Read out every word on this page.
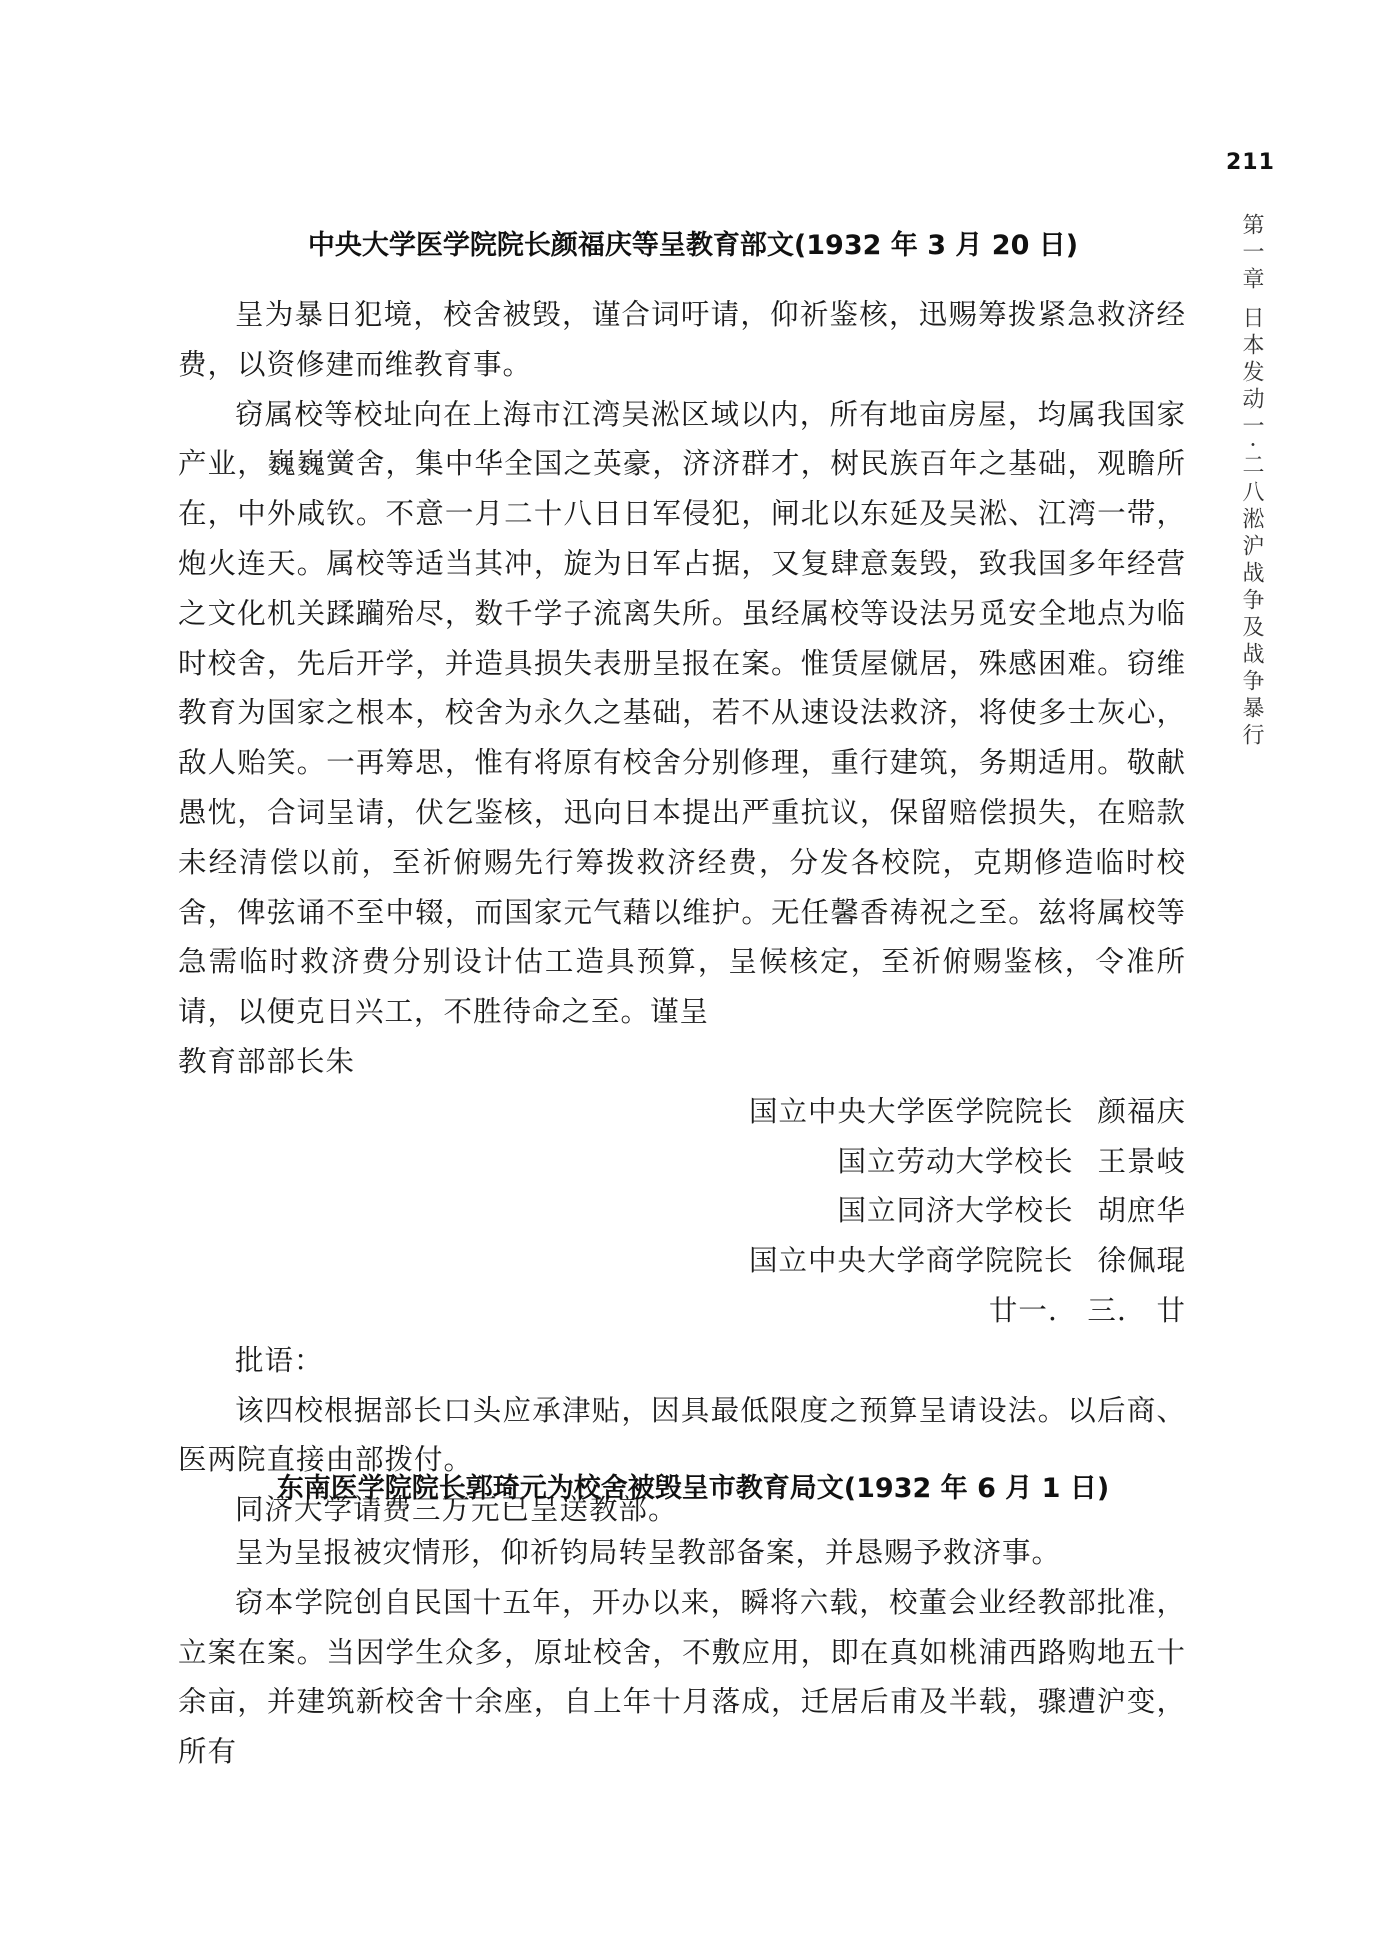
211
第一章 日本发动一·二八淞沪战争及战争暴行
中央大学医学院院长颜福庆等呈教育部文(1932 年 3 月 20 日)

呈为暴日犯境，校舍被毁，谨合词吁请，仰祈鉴核，迅赐筹拨紧急救济经费，以资修建而维教育事。

窃属校等校址向在上海市江湾吴淞区域以内，所有地亩房屋，均属我国家产业，巍巍黉舍，集中华全国之英豪，济济群才，树民族百年之基础，观瞻所在，中外咸钦。不意一月二十八日日军侵犯，闸北以东延及吴淞、江湾一带，炮火连天。属校等适当其冲，旋为日军占据，又复肆意轰毁，致我国多年经营之文化机关蹂躏殆尽，数千学子流离失所。虽经属校等设法另觅安全地点为临时校舍，先后开学，并造具损失表册呈报在案。惟赁屋僦居，殊感困难。窃维教育为国家之根本，校舍为永久之基础，若不从速设法救济，将使多士灰心，敌人贻笑。一再筹思，惟有将原有校舍分别修理，重行建筑，务期适用。敬献愚忱，合词呈请，伏乞鉴核，迅向日本提出严重抗议，保留赔偿损失，在赔款未经清偿以前，至祈俯赐先行筹拨救济经费，分发各校院，克期修造临时校舍，俾弦诵不至中辍，而国家元气藉以维护。无任馨香祷祝之至。兹将属校等急需临时救济费分别设计估工造具预算，呈候核定，至祈俯赐鉴核，令准所请，以便克日兴工，不胜待命之至。谨呈

教育部部长朱

国立中央大学医学院院长 颜福庆
国立劳动大学校长 王景岐
国立同济大学校长 胡庶华
国立中央大学商学院院长 徐佩琨
廿一.　三.　廿

批语：

该四校根据部长口头应承津贴，因具最低限度之预算呈请设法。以后商、医两院直接由部拨付。

同济大学请费三万元已呈送教部。

东南医学院院长郭琦元为校舍被毁呈市教育局文(1932 年 6 月 1 日)

呈为呈报被灾情形，仰祈钧局转呈教部备案，并恳赐予救济事。

窃本学院创自民国十五年，开办以来，瞬将六载，校董会业经教部批准，立案在案。当因学生众多，原址校舍，不敷应用，即在真如桃浦西路购地五十余亩，并建筑新校舍十余座，自上年十月落成，迁居后甫及半载，骤遭沪变，所有
